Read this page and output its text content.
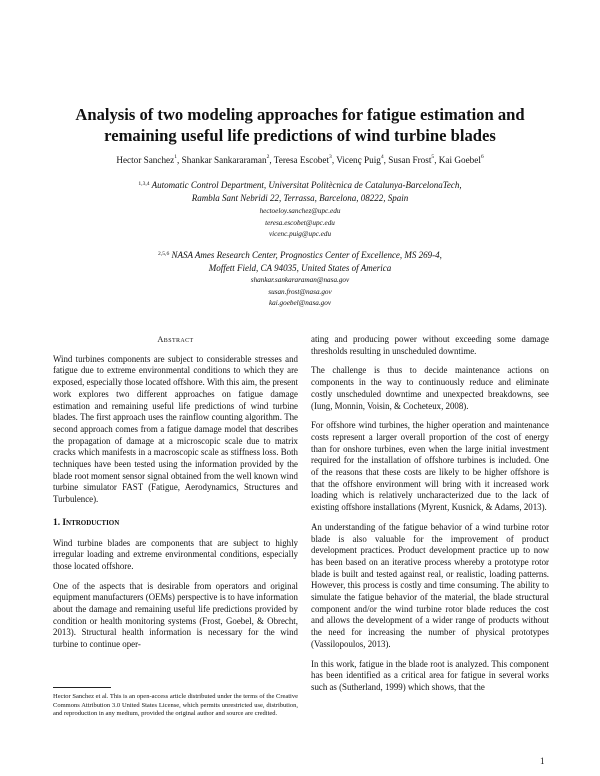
Analysis of two modeling approaches for fatigue estimation and
remaining useful life predictions of wind turbine blades
Hector Sanchez$^1$, Shankar Sankararaman$^2$, Teresa Escobet$^3$, Vicenç Puig$^4$, Susan Frost$^5$, Kai Goebel$^6$
$^{1,3,4}$ Automatic Control Department, Universitat Politècnica de Catalunya-BarcelonaTech,
Rambla Sant Nebridi 22, Terrassa, Barcelona, 08222, Spain
hectoeloy.sanchez@upc.edu
teresa.escobet@upc.edu
vicenc.puig@upc.edu
$^{2,5,6}$ NASA Ames Research Center, Prognostics Center of Excellence, MS 269-4,
Moffett Field, CA 94035, United States of America
shankar.sankararaman@nasa.gov
susan.frost@nasa.gov
kai.goebel@nasa.gov
Abstract

Wind turbines components are subject to considerable stresses and fatigue due to extreme environmental conditions to which they are exposed, especially those located offshore. With this aim, the present work explores two different approaches on fatigue damage estimation and remaining useful life predictions of wind turbine blades. The first approach uses the rainflow counting algorithm. The second approach comes from a fatigue damage model that describes the propagation of damage at a microscopic scale due to matrix cracks which manifests in a macroscopic scale as stiffness loss. Both techniques have been tested using the information provided by the blade root moment sensor signal obtained from the well known wind turbine simulator FAST (Fatigue, Aerodynamics, Structures and Turbulence).

1. Introduction

Wind turbine blades are components that are subject to highly irregular loading and extreme environmental conditions, especially those located offshore.

One of the aspects that is desirable from operators and original equipment manufacturers (OEMs) perspective is to have information about the damage and remaining useful life predictions provided by condition or health monitoring systems (Frost, Goebel, & Obrecht, 2013). Structural health information is necessary for the wind turbine to continue oper-

ating and producing power without exceeding some damage thresholds resulting in unscheduled downtime.

The challenge is thus to decide maintenance actions on components in the way to continuously reduce and eliminate costly unscheduled downtime and unexpected breakdowns, see (Iung, Monnin, Voisin, & Cocheteux, 2008).

For offshore wind turbines, the higher operation and maintenance costs represent a larger overall proportion of the cost of energy than for onshore turbines, even when the large initial investment required for the installation of offshore turbines is included. One of the reasons that these costs are likely to be higher offshore is that the offshore environment will bring with it increased work loading which is relatively uncharacterized due to the lack of existing offshore installations (Myrent, Kusnick, & Adams, 2013).

An understanding of the fatigue behavior of a wind turbine rotor blade is also valuable for the improvement of product development practices. Product development practice up to now has been based on an iterative process whereby a prototype rotor blade is built and tested against real, or realistic, loading patterns. However, this process is costly and time consuming. The ability to simulate the fatigue behavior of the material, the blade structural component and/or the wind turbine rotor blade reduces the cost and allows the development of a wider range of products without the need for increasing the number of physical prototypes (Vassilopoulos, 2013).

In this work, fatigue in the blade root is analyzed. This component has been identified as a critical area for fatigue in several works such as (Sutherland, 1999) which shows, that the

Hector Sanchez et al. This is an open-access article distributed under the terms of the Creative Commons Attribution 3.0 United States License, which permits unrestricted use, distribution, and reproduction in any medium, provided the original author and source are credited.
1
